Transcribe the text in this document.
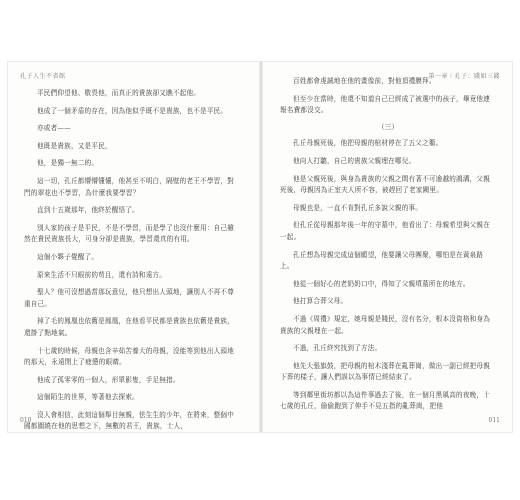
孔子人生不省館

平民們仰望他、敬畏他，而真正的貴族卻又瞧不起他。

他成了一個矛盾的存在，因為他似乎既不是貴族，也不是平民。

亦或者——

他既是貴族，又是平民，

他，是獨一無二的。

這一切，孔丘都懵懵懂懂，他甚至不明白，隔壁的老王不學習，對門的翠花也不學習，為什麼我要學習？

直到十五歲那年，他終於醒悟了。

別人家的孩子是平民，不是不學習，而是學了也沒什麼用：自己雖然在貴民貴族長大，可身分卻是貴族，學習還真的有用。

這個小夥子覺醒了。

原來生活不只眼前的苟且，還有詩和遠方。

聖人？他可沒想過當那玩意兒，他只想出人頭地，讓別人不再不尊重自己。

掉了毛的鳳凰也依舊是鳳凰，在他看平民都是貴族也依舊是貴族，還掛了點地氣。

十七歲的時候，母親也含辛茹苦養大的母親，沒能等到他出人頭地的那天，永遠閉上了疲憊的眼睛。

他成了孤零零的一個人，形單影隻，手足無措。

這個陌生的世界，等著他去探索。

沒人會相信，此刻這個舉目無親，怯生生的少年，在將來，整個中國都圍繞在他的思想之下，無數的君王，貴族，士人，

010
第一章｜孔子：賤如三錢

百姓都會虔誠地在他的畫像前，對他頂禮膜拜。

但至少在當時，他還不知道自己已經成了被選中的孩子，畢竟他連報名費都沒交。

（三）

孔丘母親死後，他把母親的棺材停在了五父之衢。

他向人打聽，自己的貴族父親埋在哪兒。

他是父親死後，與身為貴族的父親之間有著不可逾越的鴻溝，父親死後，母親因為正室夫人所不容，被趕回了老家闕里。

母親也是，一直不肯對孔丘多說父親的事。

但孔丘從母親那年後一年的守墓中，他看出了：母親希望與父親在一起。

孔丘想為母親完成這個願望，他要讓父母團聚，哪怕是在黃泉路上。

他從一個好心的老奶奶口中，得知了父親墳墓所在的地方。

他打算合葬父母。

不過《周禮》規定，她母親是賤民，沒有名分，根本沒資格和身為貴族的父親埋在一起。

不過，孔丘終究找到了方法。

他先大張旗鼓，把母親的棺木淺葬在亂葬崗，做出一副已經把母親下葬的樣子，讓人們誤以為事情已經結束了。

等到鄰里街坊都以為這件事過去了後，在一個月黑風高的夜晚，十七歲的孔丘，偷偷跑到了伸手不見五指的亂葬崗，把他

011
